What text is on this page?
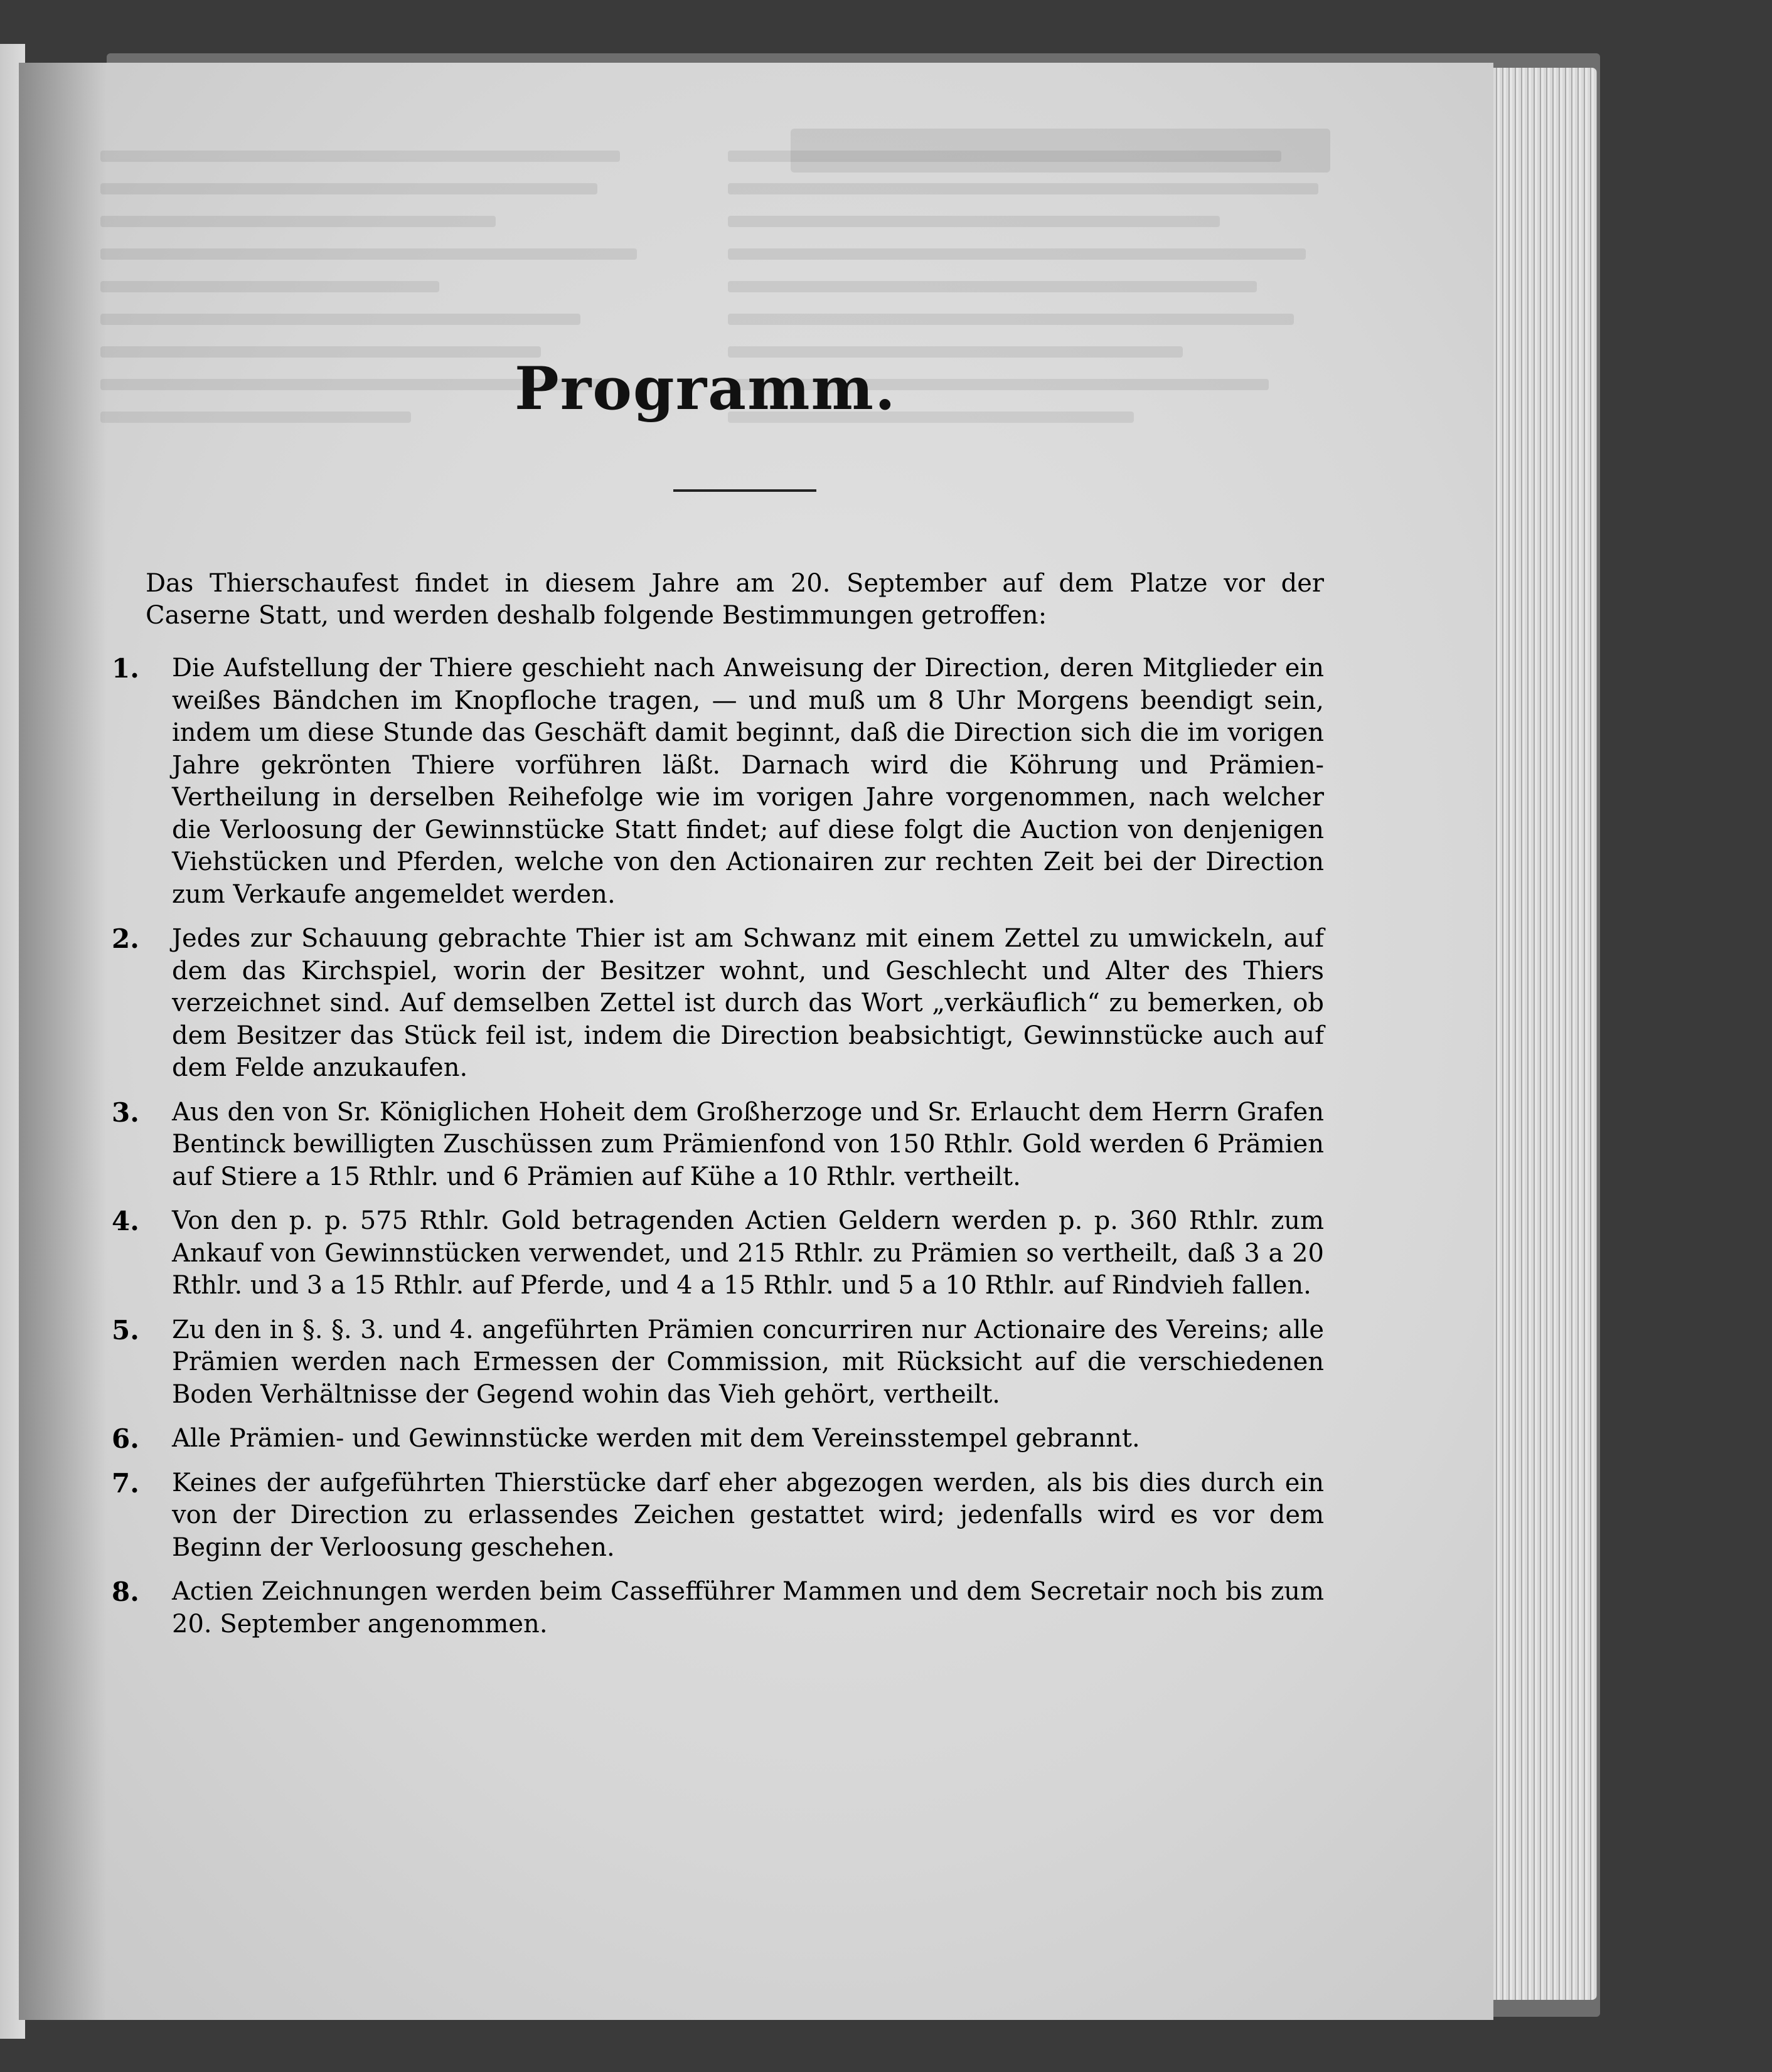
Programm.
Das Thierschaufest findet in diesem Jahre am 20. September auf dem Platze vor der Caserne Statt, und werden deshalb folgende Bestimmungen getroffen:
1.	Die Aufstellung der Thiere geschieht nach Anweisung der Direction, deren Mitglieder ein weißes Bändchen im Knopfloche tragen, — und muß um 8 Uhr Morgens beendigt sein, indem um diese Stunde das Geschäft damit beginnt, daß die Direction sich die im vorigen Jahre gekrönten Thiere vorführen läßt. Darnach wird die Köhrung und Prämien-Vertheilung in derselben Reihefolge wie im vorigen Jahre vorgenommen, nach welcher die Verloosung der Gewinnstücke Statt findet; auf diese folgt die Auction von denjenigen Viehstücken und Pferden, welche von den Actionairen zur rechten Zeit bei der Direction zum Verkaufe angemeldet werden.
2.	Jedes zur Schauung gebrachte Thier ist am Schwanz mit einem Zettel zu umwickeln, auf dem das Kirchspiel, worin der Besitzer wohnt, und Geschlecht und Alter des Thiers verzeichnet sind. Auf demselben Zettel ist durch das Wort „verkäuflich“ zu bemerken, ob dem Besitzer das Stück feil ist, indem die Direction beabsichtigt, Gewinnstücke auch auf dem Felde anzukaufen.
3.	Aus den von Sr. Königlichen Hoheit dem Großherzoge und Sr. Erlaucht dem Herrn Grafen Bentinck bewilligten Zuschüssen zum Prämienfond von 150 Rthlr. Gold werden 6 Prämien auf Stiere a 15 Rthlr. und 6 Prämien auf Kühe a 10 Rthlr. vertheilt.
4.	Von den p. p. 575 Rthlr. Gold betragenden Actien Geldern werden p. p. 360 Rthlr. zum Ankauf von Gewinnstücken verwendet, und 215 Rthlr. zu Prämien so vertheilt, daß 3 a 20 Rthlr. und 3 a 15 Rthlr. auf Pferde, und 4 a 15 Rthlr. und 5 a 10 Rthlr. auf Rindvieh fallen.
5.	Zu den in §. §. 3. und 4. angeführten Prämien concurriren nur Actionaire des Vereins; alle Prämien werden nach Ermessen der Commission, mit Rücksicht auf die verschiedenen Boden Verhältnisse der Gegend wohin das Vieh gehört, vertheilt.
6.	Alle Prämien- und Gewinnstücke werden mit dem Vereinsstempel gebrannt.
7.	Keines der aufgeführten Thierstücke darf eher abgezogen werden, als bis dies durch ein von der Direction zu erlassendes Zeichen gestattet wird; jedenfalls wird es vor dem Beginn der Verloosung geschehen.
8.	Actien Zeichnungen werden beim Cassefführer Mammen und dem Secretair noch bis zum 20. September angenommen.
